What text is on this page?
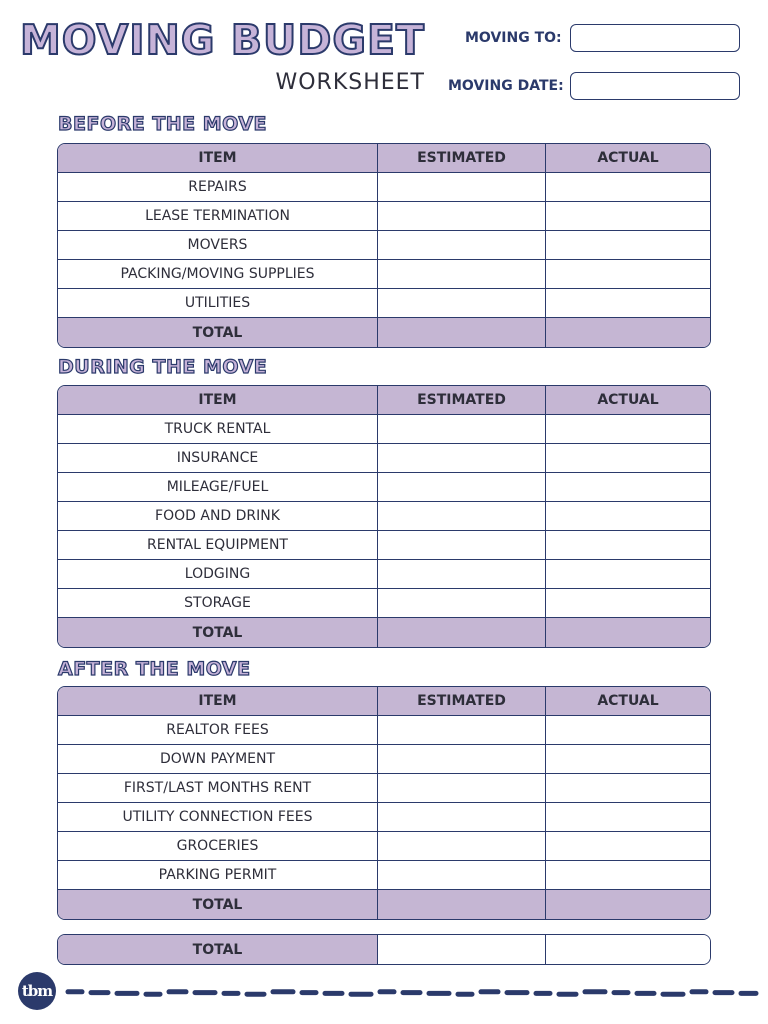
MOVING BUDGET
WORKSHEET
MOVING TO:
MOVING DATE:
BEFORE THE MOVE
ITEM	ESTIMATED	ACTUAL
REPAIRS
LEASE TERMINATION
MOVERS
PACKING/MOVING SUPPLIES
UTILITIES
TOTAL
DURING THE MOVE
ITEM	ESTIMATED	ACTUAL
TRUCK RENTAL
INSURANCE
MILEAGE/FUEL
FOOD AND DRINK
RENTAL EQUIPMENT
LODGING
STORAGE
TOTAL
AFTER THE MOVE
ITEM	ESTIMATED	ACTUAL
REALTOR FEES
DOWN PAYMENT
FIRST/LAST MONTHS RENT
UTILITY CONNECTION FEES
GROCERIES
PARKING PERMIT
TOTAL
TOTAL
tbm
